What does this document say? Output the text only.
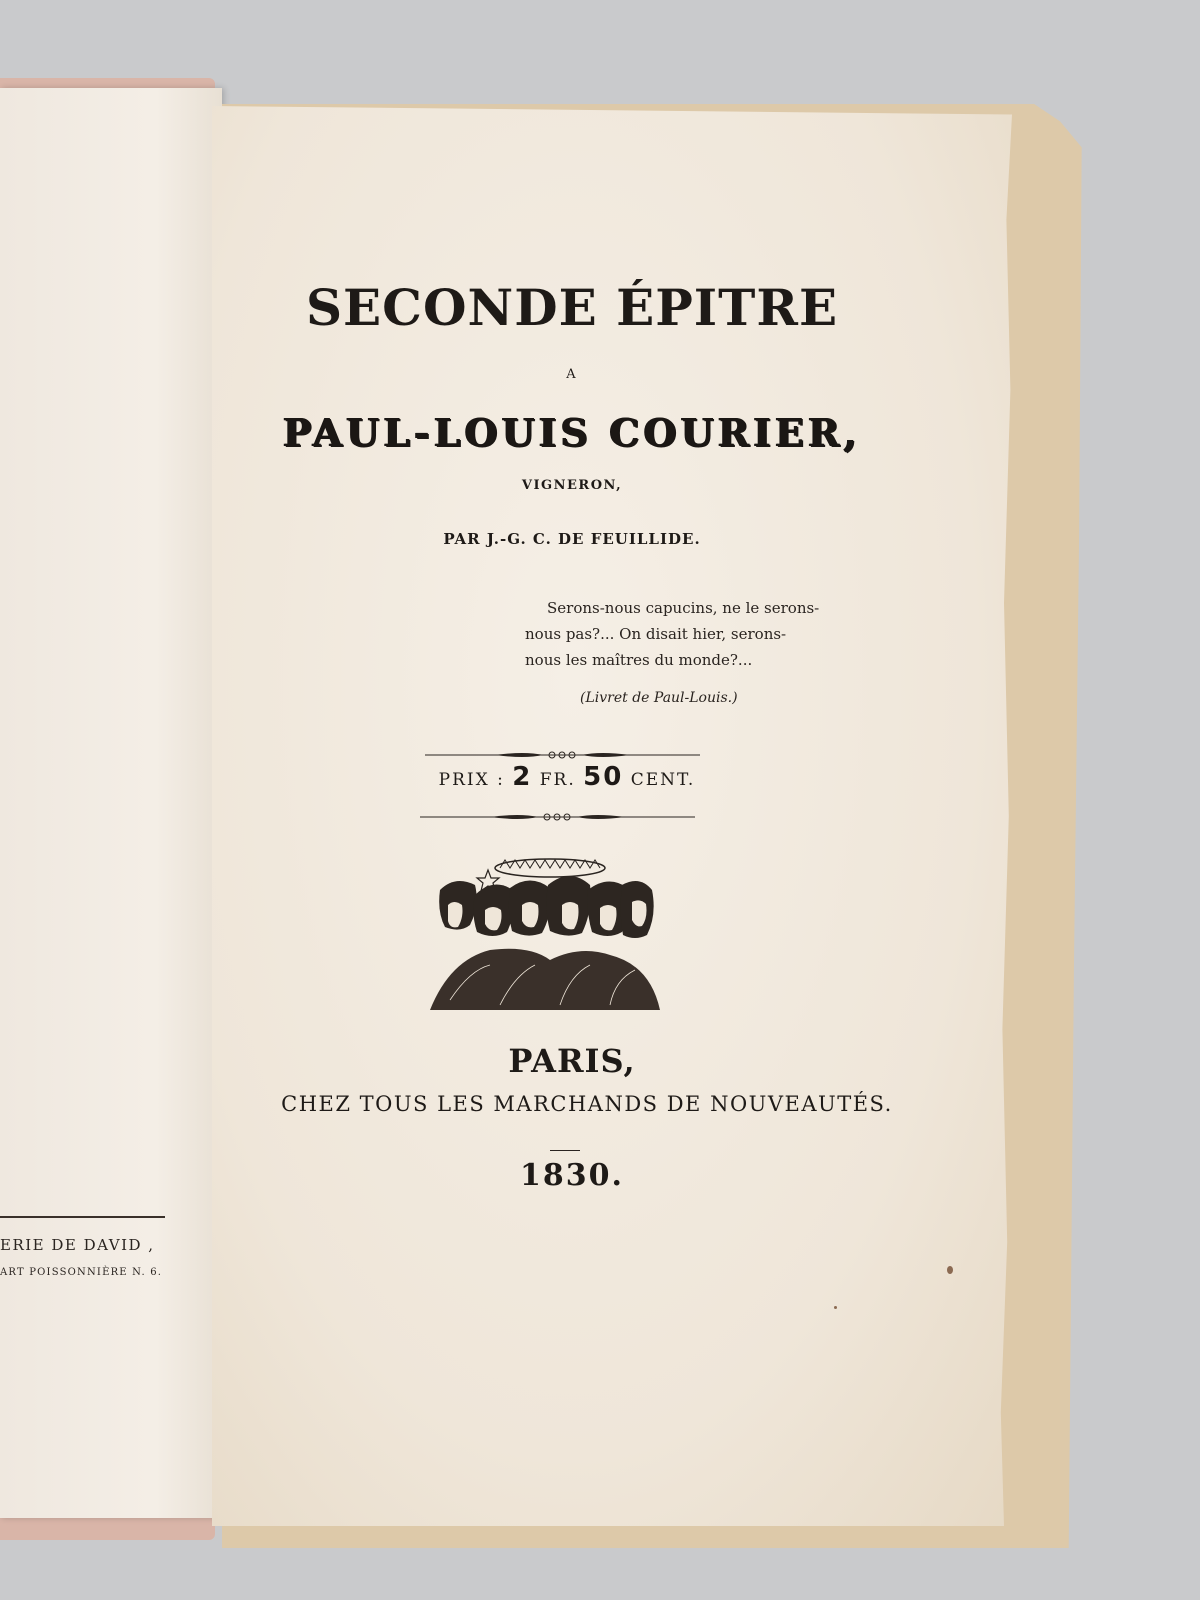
ERIE DE DAVID ,
ART POISSONNIÈRE N. 6.
SECONDE ÉPITRE
A
PAUL-LOUIS COURIER,
VIGNERON,
PAR J.-G. C. DE FEUILLIDE.
Serons-nous capucins, ne le serons-
nous pas?... On disait hier, serons-
nous les maîtres du monde?...
(Livret de Paul-Louis.)
PRIX : 2 FR. 50 CENT.
PARIS,
CHEZ TOUS LES MARCHANDS DE NOUVEAUTÉS.
1830.
